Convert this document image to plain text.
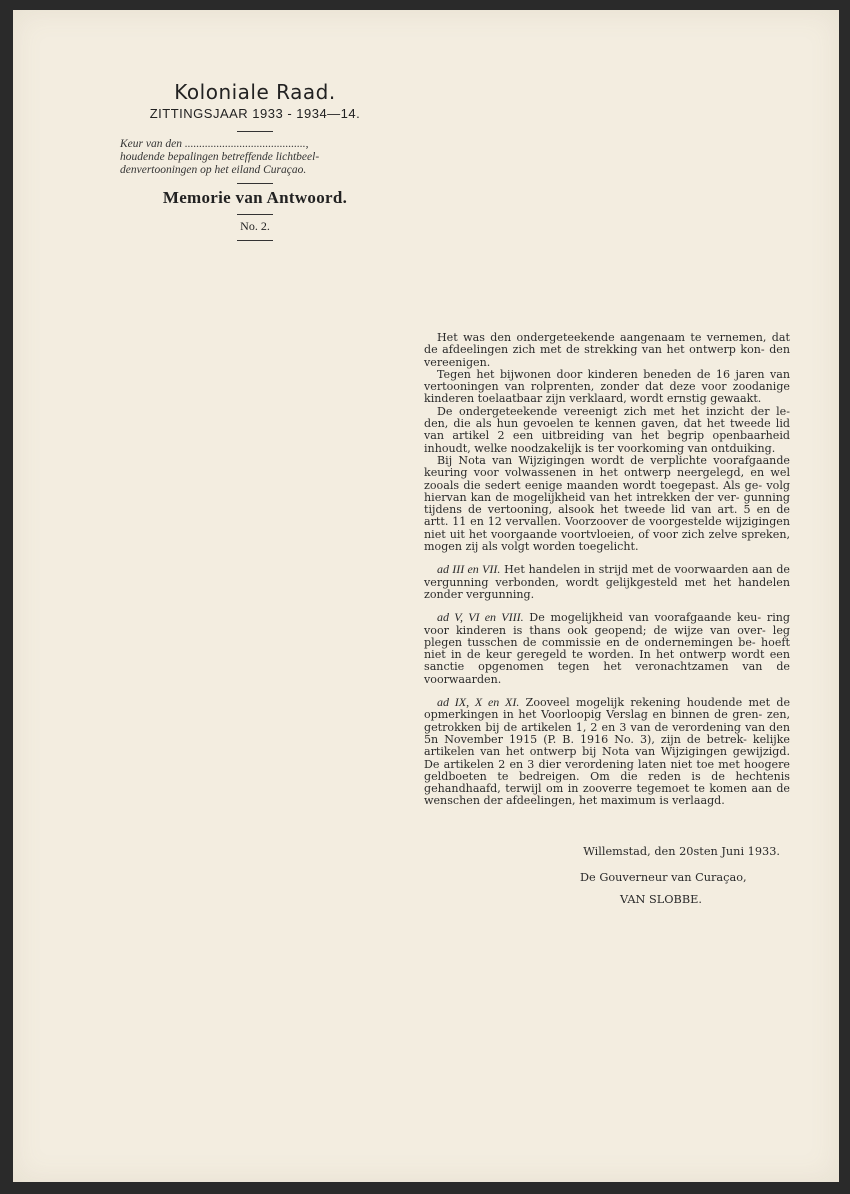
Koloniale Raad.
ZITTINGSJAAR 1933 - 1934—14.
Keur van den ..........................................,
houdende bepalingen betreffende lichtbeel-
denvertooningen op het eiland Curaçao.
Memorie van Antwoord.
No. 2.

Het was den ondergeteekende aangenaam te vernemen, dat de afdeelingen zich met de strekking van het ontwerp kon- den vereenigen.

Tegen het bijwonen door kinderen beneden de 16 jaren van vertooningen van rolprenten, zonder dat deze voor zoodanige kinderen toelaatbaar zijn verklaard, wordt ernstig gewaakt.

De ondergeteekende vereenigt zich met het inzicht der le- den, die als hun gevoelen te kennen gaven, dat het tweede lid van artikel 2 een uitbreiding van het begrip openbaarheid inhoudt, welke noodzakelijk is ter voorkoming van ontduiking.

Bij Nota van Wijzigingen wordt de verplichte voorafgaande keuring voor volwassenen in het ontwerp neergelegd, en wel zooals die sedert eenige maanden wordt toegepast. Als ge- volg hiervan kan de mogelijkheid van het intrekken der ver- gunning tijdens de vertooning, alsook het tweede lid van art. 5 en de artt. 11 en 12 vervallen. Voorzoover de voorgestelde wijzigingen niet uit het voorgaande voortvloeien, of voor zich zelve spreken, mogen zij als volgt worden toegelicht.

ad III en VII. Het handelen in strijd met de voorwaarden aan de vergunning verbonden, wordt gelijkgesteld met het handelen zonder vergunning.

ad V, VI en VIII. De mogelijkheid van voorafgaande keu- ring voor kinderen is thans ook geopend; de wijze van over- leg plegen tusschen de commissie en de ondernemingen be- hoeft niet in de keur geregeld te worden. In het ontwerp wordt een sanctie opgenomen tegen het veronachtzamen van de voorwaarden.

ad IX, X en XI. Zooveel mogelijk rekening houdende met de opmerkingen in het Voorloopig Verslag en binnen de gren- zen, getrokken bij de artikelen 1, 2 en 3 van de verordening van den 5n November 1915 (P. B. 1916 No. 3), zijn de betrek- kelijke artikelen van het ontwerp bij Nota van Wijzigingen gewijzigd. De artikelen 2 en 3 dier verordening laten niet toe met hoogere geldboeten te bedreigen. Om die reden is de hechtenis gehandhaafd, terwijl om in zooverre tegemoet te komen aan de wenschen der afdeelingen, het maximum is verlaagd.

Willemstad, den 20sten Juni 1933.
De Gouverneur van Curaçao,
VAN SLOBBE.
